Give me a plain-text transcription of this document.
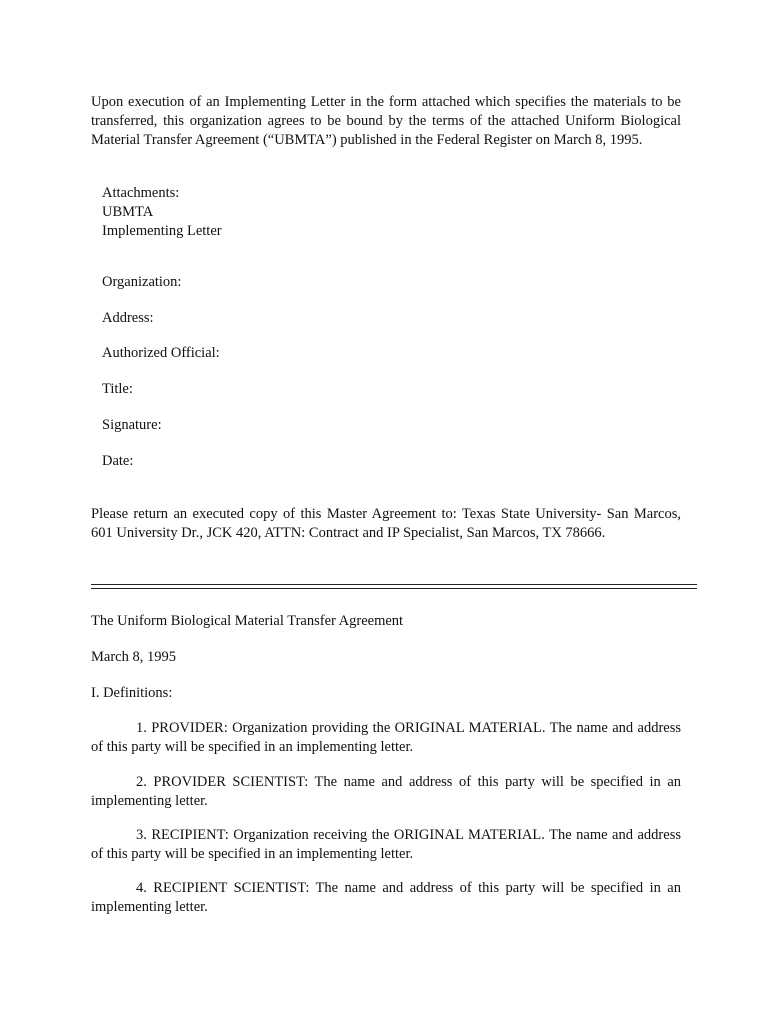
Upon execution of an Implementing Letter in the form attached which specifies the materials to be transferred, this organization agrees to be bound by the terms of the attached Uniform Biological Material Transfer Agreement (“UBMTA”) published in the Federal Register on March 8, 1995.

Attachments:
UBMTA
Implementing Letter

Organization:

Address:

Authorized Official:

Title:

Signature:

Date:

Please return an executed copy of this Master Agreement to: Texas State University- San Marcos, 601 University Dr., JCK 420, ATTN: Contract and IP Specialist, San Marcos, TX 78666.

The Uniform Biological Material Transfer Agreement

March 8, 1995

I. Definitions:

1. PROVIDER: Organization providing the ORIGINAL MATERIAL. The name and address of this party will be specified in an implementing letter.

2. PROVIDER SCIENTIST: The name and address of this party will be specified in an implementing letter.

3. RECIPIENT: Organization receiving the ORIGINAL MATERIAL. The name and address of this party will be specified in an implementing letter.

4. RECIPIENT SCIENTIST: The name and address of this party will be specified in an implementing letter.
